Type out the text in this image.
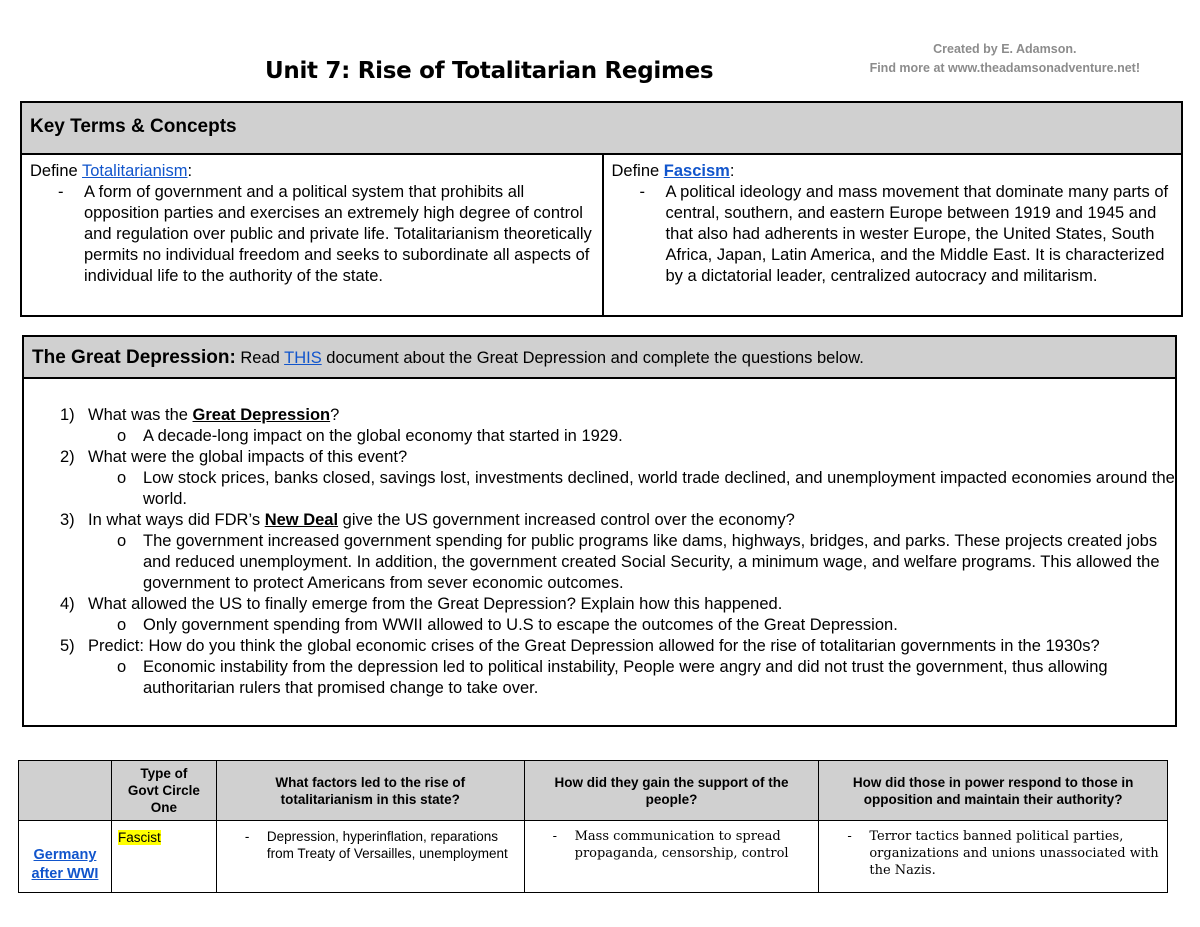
Unit 7: Rise of Totalitarian Regimes
Created by E. Adamson.
Find more at www.theadamsonadventure.net!
Key Terms & Concepts
Define Totalitarianism:
-	A form of government and a political system that prohibits all opposition parties and exercises an extremely high degree of control and regulation over public and private life. Totalitarianism theoretically permits no individual freedom and seeks to subordinate all aspects of individual life to the authority of the state.
Define Fascism:
-	A political ideology and mass movement that dominate many parts of central, southern, and eastern Europe between 1919 and 1945 and that also had adherents in wester Europe, the United States, South Africa, Japan, Latin America, and the Middle East. It is characterized by a dictatorial leader, centralized autocracy and militarism.
The Great Depression: Read THIS document about the Great Depression and complete the questions below.
1) What was the Great Depression?
o	A decade-long impact on the global economy that started in 1929.
2) What were the global impacts of this event?
o	Low stock prices, banks closed, savings lost, investments declined, world trade declined, and unemployment impacted economies around the world.
3) In what ways did FDR’s New Deal give the US government increased control over the economy?
o	The government increased government spending for public programs like dams, highways, bridges, and parks. These projects created jobs and reduced unemployment. In addition, the government created Social Security, a minimum wage, and welfare programs. This allowed the government to protect Americans from sever economic outcomes.
4) What allowed the US to finally emerge from the Great Depression? Explain how this happened.
o	Only government spending from WWII allowed to U.S to escape the outcomes of the Great Depression.
5) Predict: How do you think the global economic crises of the Great Depression allowed for the rise of totalitarian governments in the 1930s?
o	Economic instability from the depression led to political instability, People were angry and did not trust the government, thus allowing authoritarian rulers that promised change to take over.
	Type of Govt Circle One	What factors led to the rise of totalitarianism in this state?	How did they gain the support of the people?	How did those in power respond to those in opposition and maintain their authority?
Germany after WWI	Fascist	- Depression, hyperinflation, reparations from Treaty of Versailles, unemployment	- Mass communication to spread propaganda, censorship, control	- Terror tactics banned political parties, organizations and unions unassociated with the Nazis.
